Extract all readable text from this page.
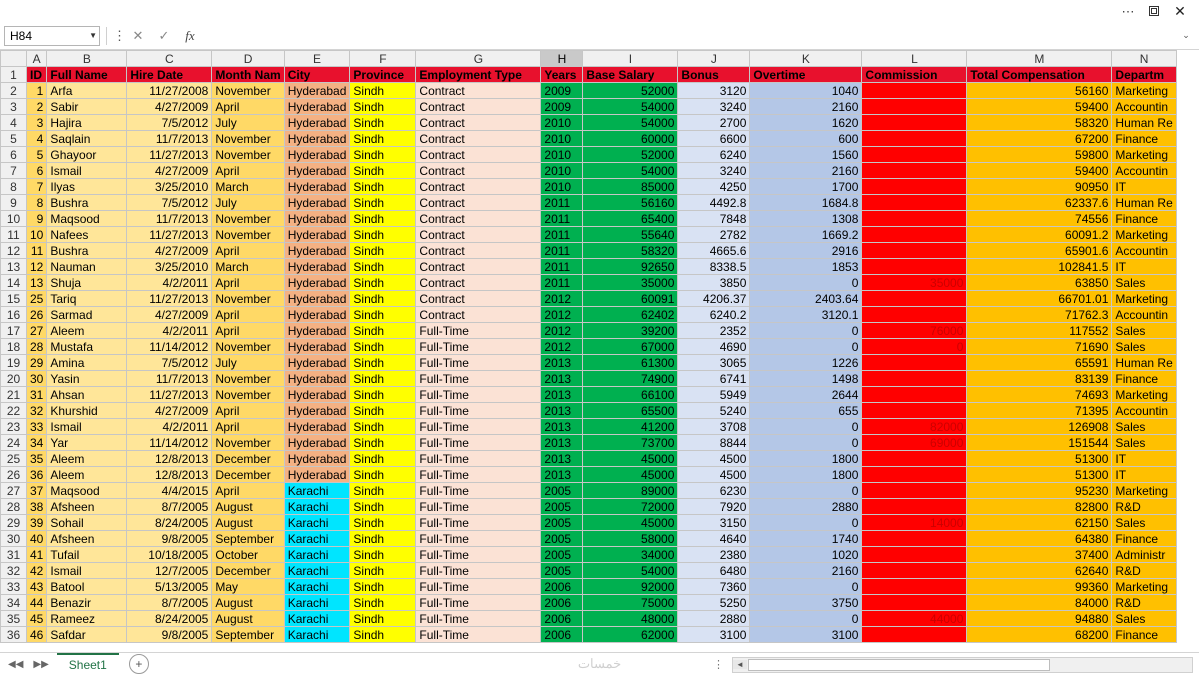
⋯	✕
H84	▼ ⋮ ✕	✓	fx	⌄
	A	B	C	D	E	F	G	H	I	J	K	L	M	N
1	ID	Full Name	Hire Date	Month Nam	City	Province	Employment Type	Years	Base Salary	Bonus	Overtime	Commission	Total Compensation	Departm
2	1	Arfa	11/27/2008	November	Hyderabad	Sindh	Contract	2009	52000	3120	1040		56160	Marketing
3	2	Sabir	4/27/2009	April	Hyderabad	Sindh	Contract	2009	54000	3240	2160		59400	Accountin
4	3	Hajira	7/5/2012	July	Hyderabad	Sindh	Contract	2010	54000	2700	1620		58320	Human Re
5	4	Saqlain	11/7/2013	November	Hyderabad	Sindh	Contract	2010	60000	6600	600		67200	Finance
6	5	Ghayoor	11/27/2013	November	Hyderabad	Sindh	Contract	2010	52000	6240	1560		59800	Marketing
7	6	Ismail	4/27/2009	April	Hyderabad	Sindh	Contract	2010	54000	3240	2160		59400	Accountin
8	7	Ilyas	3/25/2010	March	Hyderabad	Sindh	Contract	2010	85000	4250	1700		90950	IT
9	8	Bushra	7/5/2012	July	Hyderabad	Sindh	Contract	2011	56160	4492.8	1684.8		62337.6	Human Re
10	9	Maqsood	11/7/2013	November	Hyderabad	Sindh	Contract	2011	65400	7848	1308		74556	Finance
11	10	Nafees	11/27/2013	November	Hyderabad	Sindh	Contract	2011	55640	2782	1669.2		60091.2	Marketing
12	11	Bushra	4/27/2009	April	Hyderabad	Sindh	Contract	2011	58320	4665.6	2916		65901.6	Accountin
13	12	Nauman	3/25/2010	March	Hyderabad	Sindh	Contract	2011	92650	8338.5	1853		102841.5	IT
14	13	Shuja	4/2/2011	April	Hyderabad	Sindh	Contract	2011	35000	3850	0	35000	63850	Sales
15	25	Tariq	11/27/2013	November	Hyderabad	Sindh	Contract	2012	60091	4206.37	2403.64		66701.01	Marketing
16	26	Sarmad	4/27/2009	April	Hyderabad	Sindh	Contract	2012	62402	6240.2	3120.1		71762.3	Accountin
17	27	Aleem	4/2/2011	April	Hyderabad	Sindh	Full-Time	2012	39200	2352	0	76000	117552	Sales
18	28	Mustafa	11/14/2012	November	Hyderabad	Sindh	Full-Time	2012	67000	4690	0	0	71690	Sales
19	29	Amina	7/5/2012	July	Hyderabad	Sindh	Full-Time	2013	61300	3065	1226		65591	Human Re
20	30	Yasin	11/7/2013	November	Hyderabad	Sindh	Full-Time	2013	74900	6741	1498		83139	Finance
21	31	Ahsan	11/27/2013	November	Hyderabad	Sindh	Full-Time	2013	66100	5949	2644		74693	Marketing
22	32	Khurshid	4/27/2009	April	Hyderabad	Sindh	Full-Time	2013	65500	5240	655		71395	Accountin
23	33	Ismail	4/2/2011	April	Hyderabad	Sindh	Full-Time	2013	41200	3708	0	82000	126908	Sales
24	34	Yar	11/14/2012	November	Hyderabad	Sindh	Full-Time	2013	73700	8844	0	69000	151544	Sales
25	35	Aleem	12/8/2013	December	Hyderabad	Sindh	Full-Time	2013	45000	4500	1800		51300	IT
26	36	Aleem	12/8/2013	December	Hyderabad	Sindh	Full-Time	2013	45000	4500	1800		51300	IT
27	37	Maqsood	4/4/2015	April	Karachi	Sindh	Full-Time	2005	89000	6230	0		95230	Marketing
28	38	Afsheen	8/7/2005	August	Karachi	Sindh	Full-Time	2005	72000	7920	2880		82800	R&D
29	39	Sohail	8/24/2005	August	Karachi	Sindh	Full-Time	2005	45000	3150	0	14000	62150	Sales
30	40	Afsheen	9/8/2005	September	Karachi	Sindh	Full-Time	2005	58000	4640	1740		64380	Finance
31	41	Tufail	10/18/2005	October	Karachi	Sindh	Full-Time	2005	34000	2380	1020		37400	Administr
32	42	Ismail	12/7/2005	December	Karachi	Sindh	Full-Time	2005	54000	6480	2160		62640	R&D
33	43	Batool	5/13/2005	May	Karachi	Sindh	Full-Time	2006	92000	7360	0		99360	Marketing
34	44	Benazir	8/7/2005	August	Karachi	Sindh	Full-Time	2006	75000	5250	3750		84000	R&D
35	45	Rameez	8/24/2005	August	Karachi	Sindh	Full-Time	2006	48000	2880	0	44000	94880	Sales
36	46	Safdar	9/8/2005	September	Karachi	Sindh	Full-Time	2006	62000	3100	3100		68200	Finance
◀◀ ▶▶ Sheet1	+	خمسات	⋮	◄
